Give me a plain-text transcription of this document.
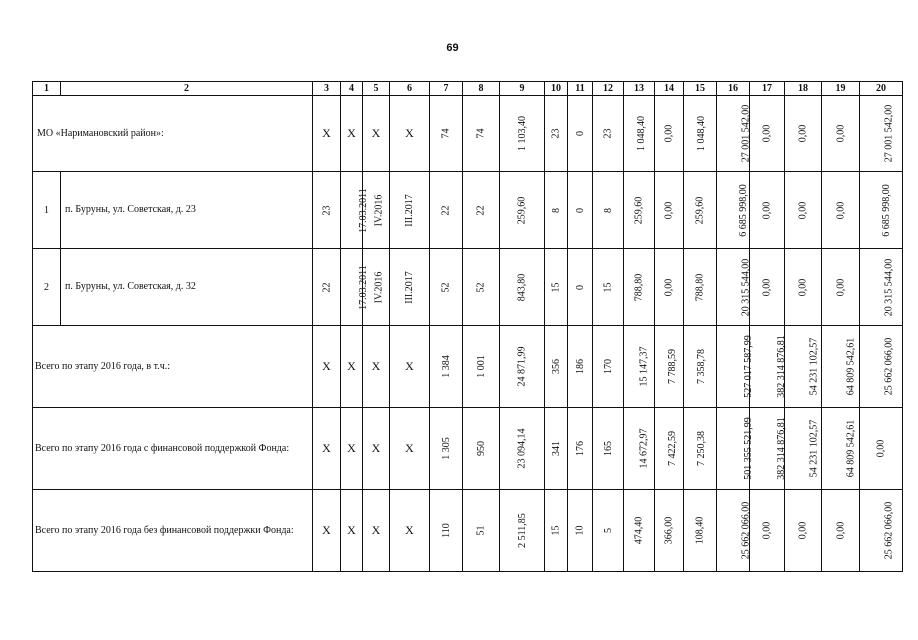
69
1	2	3	4	5	6	7	8	9	10	11	12	13	14	15	16	17	18	19	20
МО «Наримановский район»:		Х	Х	Х	Х	74	74	1 103,40	23	0	23	1 048,40	0,00	1 048,40	27 001 542,00	0,00	0,00	0,00	27 001 542,00
1	п. Буруны, ул. Советская, д. 23	23	17.03.2011	IV.2016	III.2017	22	22	259,60	8	0	8	259,60	0,00	259,60	6 685 998,00	0,00	0,00	0,00	6 685 998,00
2	п. Буруны, ул. Советская, д. 32	22	17.03.2011	IV.2016	III.2017	52	52	843,80	15	0	15	788,80	0,00	788,80	20 315 544,00	0,00	0,00	0,00	20 315 544,00
Всего по этапу 2016 года, в т.ч.:		Х	Х	Х	Х	1 384	1 001	24 871,99	356	186	170	15 147,37	7 788,59	7 358,78	527 017 587,99	382 314 876,81	54 231 102,57	64 809 542,61	25 662 066,00
Всего по этапу 2016 года с финансовой поддержкой Фонда:		Х	Х	Х	Х	1 305	950	23 094,14	341	176	165	14 672,97	7 422,59	7 250,38	501 355 521,99	382 314 876,81	54 231 102,57	64 809 542,61	0,00
Всего по этапу 2016 года без финансовой поддержки Фонда:		Х	Х	Х	Х	110	51	2 511,85	15	10	5	474,40	366,00	108,40	25 662 066,00	0,00	0,00	0,00	25 662 066,00
